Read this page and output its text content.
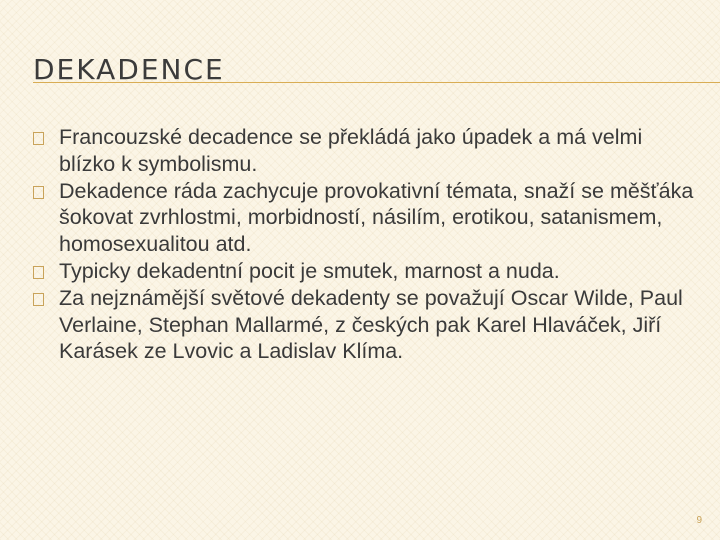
DEKADENCE
Francouzské decadence se překládá jako úpadek a má velmi blízko k symbolismu.
Dekadence ráda zachycuje provokativní témata, snaží se měšťáka šokovat zvrhlostmi, morbidností, násilím, erotikou, satanismem, homosexualitou atd.
Typicky dekadentní pocit je smutek, marnost a nuda.
Za nejznámější světové dekadenty se považují Oscar Wilde, Paul Verlaine, Stephan Mallarmé, z českých pak Karel Hlaváček, Jiří Karásek ze Lvovic a Ladislav Klíma.
9
